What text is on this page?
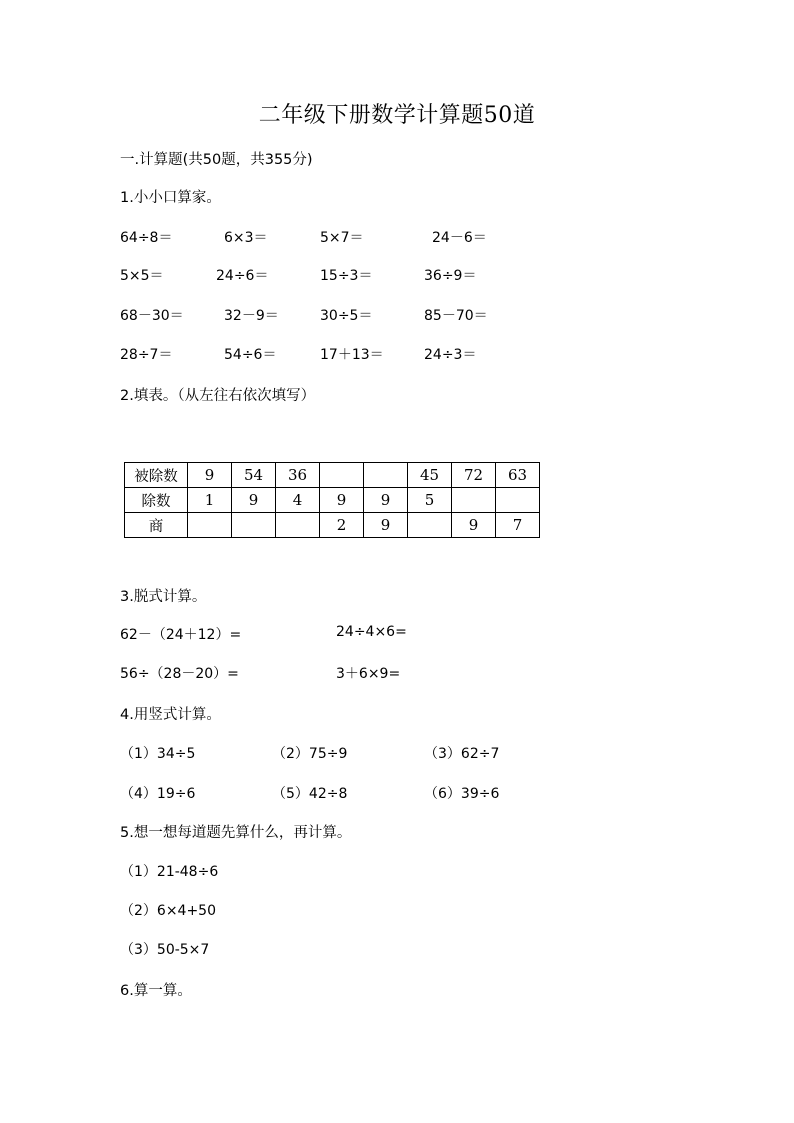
二年级下册数学计算题50道
一.计算题(共50题，共355分)
1.小小口算家。
64÷8＝	6×3＝	5×7＝	24－6＝
5×5＝	24÷6＝	15÷3＝	36÷9＝
68－30＝	32－9＝	30÷5＝	85－70＝
28÷7＝	54÷6＝	17＋13＝	24÷3＝
2.填表。（从左往右依次填写）
被除数	9	54	36			45	72	63
除数	1	9	4	9	9	5		
商				2	9		9	7
3.脱式计算。
62－（24＋12）=	24÷4×6=
56÷（28－20）=	3＋6×9=
4.用竖式计算。
（1）34÷5	（2）75÷9	（3）62÷7
（4）19÷6	（5）42÷8	（6）39÷6
5.想一想每道题先算什么，再计算。
（1）21-48÷6
（2）6×4+50
（3）50-5×7
6.算一算。
